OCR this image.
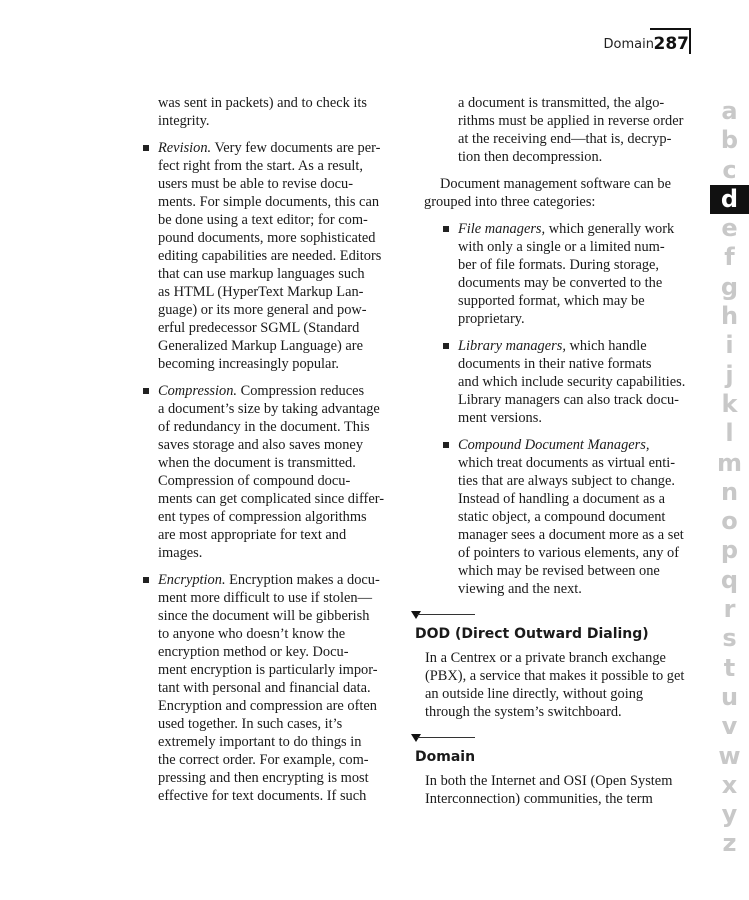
Domain 287
was sent in packets) and to check its
integrity.
Revision. Very few documents are per-
fect right from the start. As a result,
users must be able to revise docu-
ments. For simple documents, this can
be done using a text editor; for com-
pound documents, more sophisticated
editing capabilities are needed. Editors
that can use markup languages such
as HTML (HyperText Markup Lan-
guage) or its more general and pow-
erful predecessor SGML (Standard
Generalized Markup Language) are
becoming increasingly popular.
Compression. Compression reduces
a document’s size by taking advantage
of redundancy in the document. This
saves storage and also saves money
when the document is transmitted.
Compression of compound docu-
ments can get complicated since differ-
ent types of compression algorithms
are most appropriate for text and
images.
Encryption. Encryption makes a docu-
ment more difficult to use if stolen—
since the document will be gibberish
to anyone who doesn’t know the
encryption method or key. Docu-
ment encryption is particularly impor-
tant with personal and financial data.
Encryption and compression are often
used together. In such cases, it’s
extremely important to do things in
the correct order. For example, com-
pressing and then encrypting is most
effective for text documents. If such
a document is transmitted, the algo-
rithms must be applied in reverse order
at the receiving end—that is, decryp-
tion then decompression.
Document management software can be
grouped into three categories:
File managers, which generally work
with only a single or a limited num-
ber of file formats. During storage,
documents may be converted to the
supported format, which may be
proprietary.
Library managers, which handle
documents in their native formats
and which include security capabilities.
Library managers can also track docu-
ment versions.
Compound Document Managers,
which treat documents as virtual enti-
ties that are always subject to change.
Instead of handling a document as a
static object, a compound document
manager sees a document more as a set
of pointers to various elements, any of
which may be revised between one
viewing and the next.
DOD (Direct Outward Dialing)
In a Centrex or a private branch exchange
(PBX), a service that makes it possible to get
an outside line directly, without going
through the system’s switchboard.
Domain
In both the Internet and OSI (Open System
Interconnection) communities, the term
a
b
c
d
e
f
g
h
i
j
k
l
m
n
o
p
q
r
s
t
u
v
w
x
y
z
